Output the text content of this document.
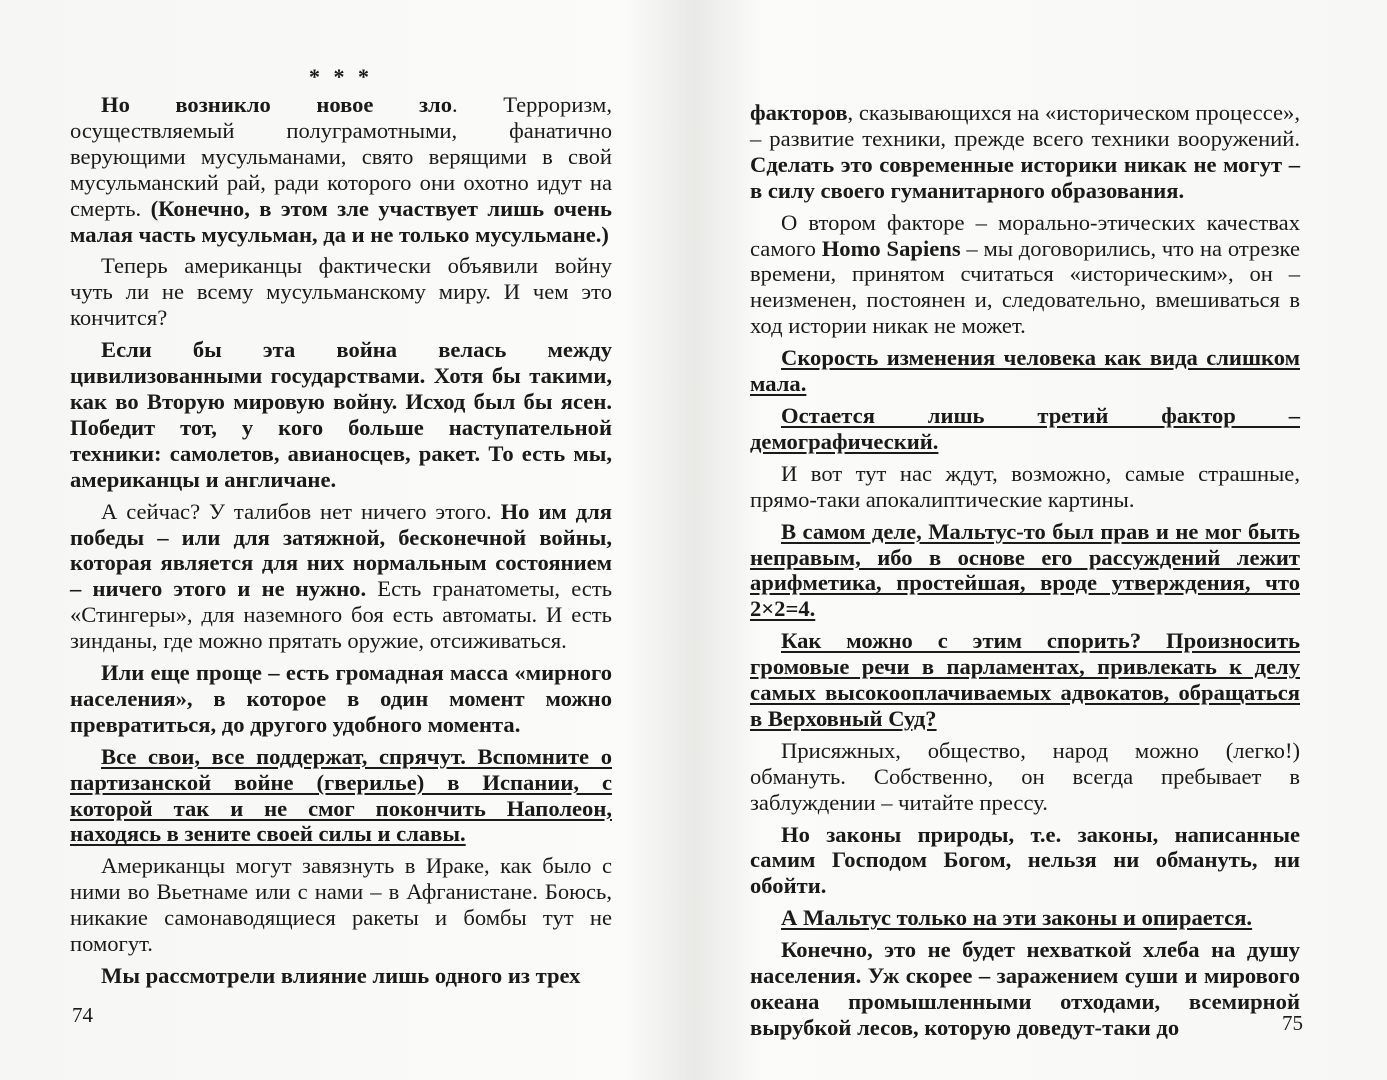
* * *

Но возникло новое зло. Терроризм, осуществляемый полуграмотными, фанатично верующими мусульманами, свято верящими в свой мусульманский рай, ради которого они охотно идут на смерть. (Конечно, в этом зле участвует лишь очень малая часть мусульман, да и не только мусульмане.)

Теперь американцы фактически объявили войну чуть ли не всему мусульманскому миру. И чем это кончится?

Если бы эта война велась между цивилизованными государствами. Хотя бы такими, как во Вторую мировую войну. Исход был бы ясен. Победит тот, у кого больше наступательной техники: самолетов, авианосцев, ракет. То есть мы, американцы и англичане.

А сейчас? У талибов нет ничего этого. Но им для победы – или для затяжной, бесконечной войны, которая является для них нормальным состоянием – ничего этого и не нужно. Есть гранатометы, есть «Стингеры», для наземного боя есть автоматы. И есть зинданы, где можно прятать оружие, отсиживаться.

Или еще проще – есть громадная масса «мирного населения», в которое в один момент можно превратиться, до другого удобного момента.

Все свои, все поддержат, спрячут. Вспомните о партизанской войне (гверилье) в Испании, с которой так и не смог покончить Наполеон, находясь в зените своей силы и славы.

Американцы могут завязнуть в Ираке, как было с ними во Вьетнаме или с нами – в Афганистане. Боюсь, никакие самонаводящиеся ракеты и бомбы тут не помогут.

Мы рассмотрели влияние лишь одного из трех

74

факторов, сказывающихся на «историческом процессе», – развитие техники, прежде всего техники вооружений. Сделать это современные историки никак не могут – в силу своего гуманитарного образования.

О втором факторе – морально-этических качествах самого Homo Sapiens – мы договорились, что на отрезке времени, принятом считаться «историческим», он – неизменен, постоянен и, следовательно, вмешиваться в ход истории никак не может.

Скорость изменения человека как вида слишком мала.

Остается лишь третий фактор – демографический.

И вот тут нас ждут, возможно, самые страшные, прямо-таки апокалиптические картины.

В самом деле, Мальтус-то был прав и не мог быть неправым, ибо в основе его рассуждений лежит арифметика, простейшая, вроде утверждения, что 2×2=4.

Как можно с этим спорить? Произносить громовые речи в парламентах, привлекать к делу самых высокооплачиваемых адвокатов, обращаться в Верховный Суд?

Присяжных, общество, народ можно (легко!) обмануть. Собственно, он всегда пребывает в заблуждении – читайте прессу.

Но законы природы, т.е. законы, написанные самим Господом Богом, нельзя ни обмануть, ни обойти.

А Мальтус только на эти законы и опирается.

Конечно, это не будет нехваткой хлеба на душу населения. Уж скорее – заражением суши и мирового океана промышленными отходами, всемирной вырубкой лесов, которую доведут-таки до	75
